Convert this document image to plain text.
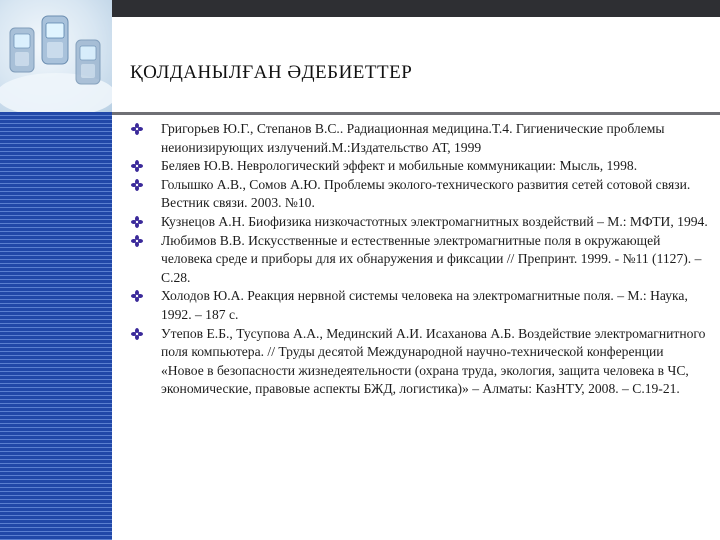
ҚОЛДАНЫЛҒАН ӘДЕБИЕТТЕР
Григорьев Ю.Г., Степанов В.С.. Радиационная медицина.Т.4. Гигиенические проблемы неионизирующих излучений.М.:Издательство АТ, 1999
Беляев Ю.В. Неврологический эффект и мобильные коммуникации: Мысль, 1998.
Голышко А.В., Сомов А.Ю. Проблемы эколого-технического развития сетей сотовой связи. Вестник связи. 2003. №10.
Кузнецов А.Н. Биофизика низкочастотных электромагнитных воздействий – М.: МФТИ, 1994.
Любимов В.В. Искусственные и естественные электромагнитные поля в окружающей человека среде и приборы для их обнаружения и фиксации // Препринт. 1999. - №11 (1127). – С.28.
Холодов Ю.А. Реакция нервной системы человека на электромагнитные поля. – М.: Наука, 1992. – 187 с.
Утепов Е.Б., Тусупова А.А., Мединский А.И. Исаханова А.Б. Воздействие электромагнитного поля компьютера. // Труды десятой Международной научно-технической конференции «Новое в безопасности жизнедеятельности (охрана труда, экология, защита человека в ЧС, экономические, правовые аспекты БЖД, логистика)» – Алматы: КазНТУ, 2008. – С.19-21.
